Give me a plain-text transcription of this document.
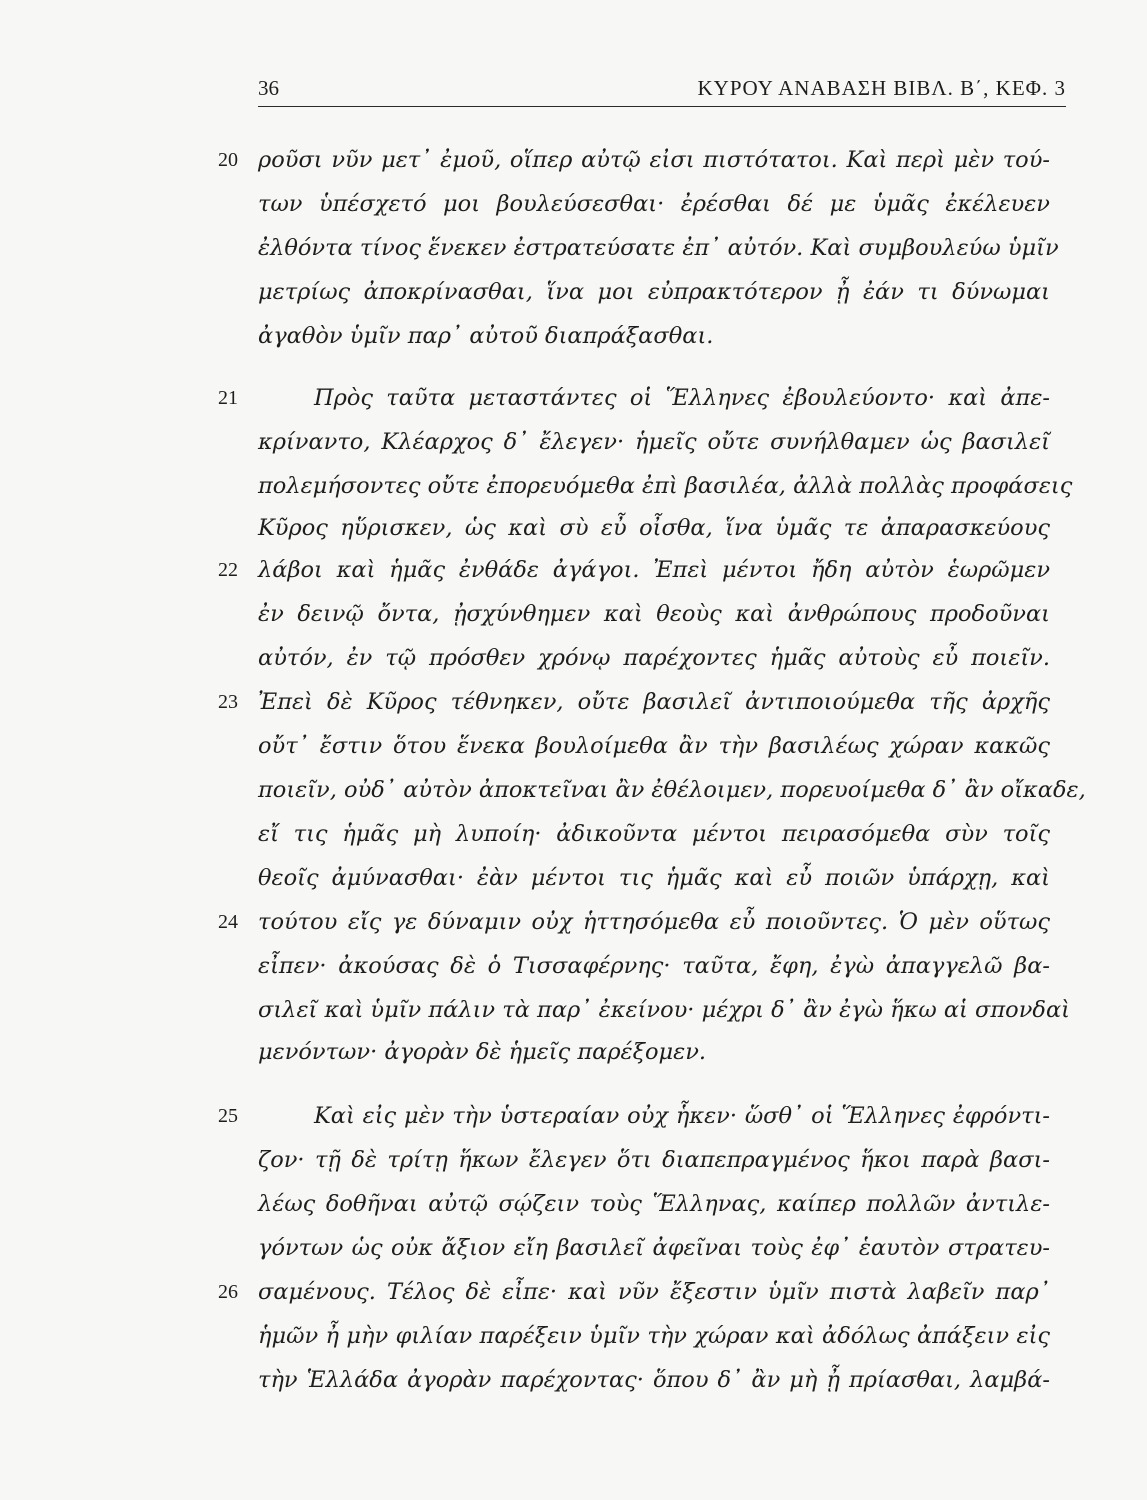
36	ΚΥΡΟΥ ΑΝΑΒΑΣΗ ΒΙΒΛ. Β΄, ΚΕΦ. 3
20
21
22
23
24
25
26
ροῦσι νῦν μετ᾽ ἐμοῦ, οἵπερ αὐτῷ εἰσι πιστότατοι. Καὶ περὶ μὲν τού-
των ὑπέσχετό μοι βουλεύσεσθαι· ἐρέσθαι δέ με ὑμᾶς ἐκέλευεν
ἐλθόντα τίνος ἕνεκεν ἐστρατεύσατε ἐπ᾽ αὐτόν. Καὶ συμβουλεύω ὑμῖν
μετρίως ἀποκρίνασθαι, ἵνα μοι εὐπρακτότερον ᾖ ἐάν τι δύνωμαι
ἀγαθὸν ὑμῖν παρ᾽ αὐτοῦ διαπράξασθαι.
Πρὸς ταῦτα μεταστάντες οἱ Ἕλληνες ἐβουλεύοντο· καὶ ἀπε-
κρίναντο, Κλέαρχος δ᾽ ἔλεγεν· ἡμεῖς οὔτε συνήλθαμεν ὡς βασιλεῖ
πολεμήσοντες οὔτε ἐπορευόμεθα ἐπὶ βασιλέα, ἀλλὰ πολλὰς προφάσεις
Κῦρος ηὕρισκεν, ὡς καὶ σὺ εὖ οἶσθα, ἵνα ὑμᾶς τε ἀπαρασκεύους
λάβοι καὶ ἡμᾶς ἐνθάδε ἀγάγοι. Ἐπεὶ μέντοι ἤδη αὐτὸν ἑωρῶμεν
ἐν δεινῷ ὄντα, ᾐσχύνθημεν καὶ θεοὺς καὶ ἀνθρώπους προδοῦναι
αὐτόν, ἐν τῷ πρόσθεν χρόνῳ παρέχοντες ἡμᾶς αὐτοὺς εὖ ποιεῖν.
Ἐπεὶ δὲ Κῦρος τέθνηκεν, οὔτε βασιλεῖ ἀντιποιούμεθα τῆς ἀρχῆς
οὔτ᾽ ἔστιν ὅτου ἕνεκα βουλοίμεθα ἂν τὴν βασιλέως χώραν κακῶς
ποιεῖν, οὐδ᾽ αὐτὸν ἀποκτεῖναι ἂν ἐθέλοιμεν, πορευοίμεθα δ᾽ ἂν οἴκαδε,
εἴ τις ἡμᾶς μὴ λυποίη· ἀδικοῦντα μέντοι πειρασόμεθα σὺν τοῖς
θεοῖς ἀμύνασθαι· ἐὰν μέντοι τις ἡμᾶς καὶ εὖ ποιῶν ὑπάρχῃ, καὶ
τούτου εἴς γε δύναμιν οὐχ ἡττησόμεθα εὖ ποιοῦντες. Ὁ μὲν οὕτως
εἶπεν· ἀκούσας δὲ ὁ Τισσαφέρνης· ταῦτα, ἔφη, ἐγὼ ἀπαγγελῶ βα-
σιλεῖ καὶ ὑμῖν πάλιν τὰ παρ᾽ ἐκείνου· μέχρι δ᾽ ἂν ἐγὼ ἥκω αἱ σπονδαὶ
μενόντων· ἀγορὰν δὲ ἡμεῖς παρέξομεν.
Καὶ εἰς μὲν τὴν ὑστεραίαν οὐχ ἧκεν· ὥσθ᾽ οἱ Ἕλληνες ἐφρόντι-
ζον· τῇ δὲ τρίτῃ ἥκων ἔλεγεν ὅτι διαπεπραγμένος ἥκοι παρὰ βασι-
λέως δοθῆναι αὐτῷ σῴζειν τοὺς Ἕλληνας, καίπερ πολλῶν ἀντιλε-
γόντων ὡς οὐκ ἄξιον εἴη βασιλεῖ ἀφεῖναι τοὺς ἐφ᾽ ἑαυτὸν στρατευ-
σαμένους. Τέλος δὲ εἶπε· καὶ νῦν ἔξεστιν ὑμῖν πιστὰ λαβεῖν παρ᾽
ἡμῶν ἦ μὴν φιλίαν παρέξειν ὑμῖν τὴν χώραν καὶ ἀδόλως ἀπάξειν εἰς
τὴν Ἑλλάδα ἀγορὰν παρέχοντας· ὅπου δ᾽ ἂν μὴ ᾖ πρίασθαι, λαμβά-
